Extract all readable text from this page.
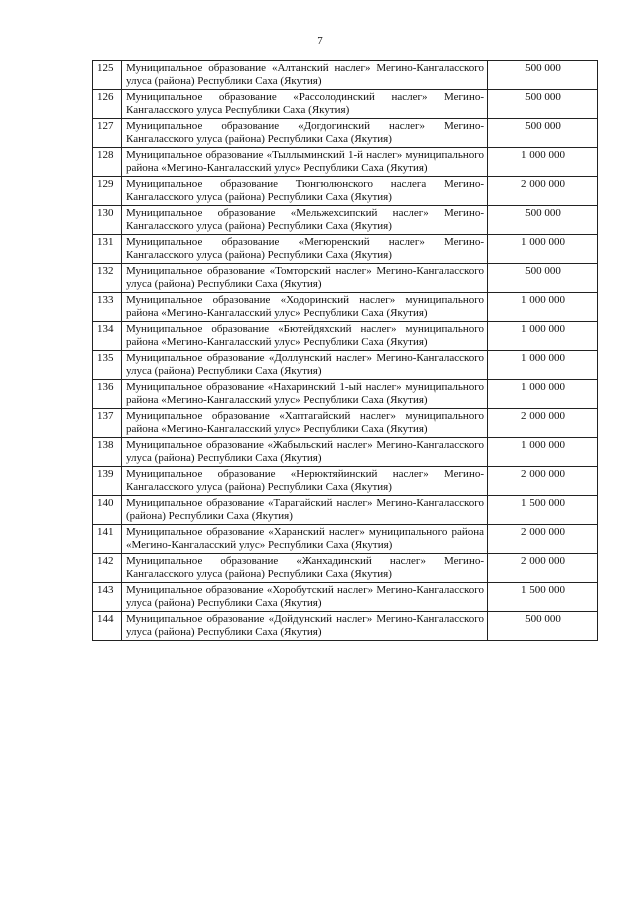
7
125	Муниципальное образование «Алтанский наслег» Мегино-Кангаласского улуса (района) Республики Саха (Якутия)	500 000
126	Муниципальное образование «Рассолодинский наслег» Мегино-Кангаласского улуса Республики Саха (Якутия)	500 000
127	Муниципальное образование «Догдогинский наслег» Мегино-Кангаласского улуса (района) Республики Саха (Якутия)	500 000
128	Муниципальное образование «Тыллыминский 1-й наслег» муниципального района «Мегино-Кангаласский улус» Республики Саха (Якутия)	1 000 000
129	Муниципальное образование Тюнгюлюнского наслега Мегино-Кангаласского улуса (района) Республики Саха (Якутия)	2 000 000
130	Муниципальное образование «Мельжехсипский наслег» Мегино-Кангаласского улуса (района) Республики Саха (Якутия)	500 000
131	Муниципальное образование «Мегюренский наслег» Мегино-Кангаласского улуса (района) Республики Саха (Якутия)	1 000 000
132	Муниципальное образование «Томторский наслег» Мегино-Кангаласского улуса (района) Республики Саха (Якутия)	500 000
133	Муниципальное образование «Ходоринский наслег» муниципального района «Мегино-Кангаласский улус» Республики Саха (Якутия)	1 000 000
134	Муниципальное образование «Бютейдяхский наслег» муниципального района «Мегино-Кангаласский улус» Республики Саха (Якутия)	1 000 000
135	Муниципальное образование «Доллунский наслег» Мегино-Кангаласского улуса (района) Республики Саха (Якутия)	1 000 000
136	Муниципальное образование «Нахаринский 1-ый наслег» муниципального района «Мегино-Кангаласский улус» Республики Саха (Якутия)	1 000 000
137	Муниципальное образование «Хаптагайский наслег» муниципального района «Мегино-Кангаласский улус» Республики Саха (Якутия)	2 000 000
138	Муниципальное образование «Жабыльский наслег» Мегино-Кангаласского улуса (района) Республики Саха (Якутия)	1 000 000
139	Муниципальное образование «Нерюктяйинский наслег» Мегино-Кангаласского улуса (района) Республики Саха (Якутия)	2 000 000
140	Муниципальное образование «Тарагайский наслег» Мегино-Кангаласского (района) Республики Саха (Якутия)	1 500 000
141	Муниципальное образование «Харанский наслег» муниципального района «Мегино-Кангаласский улус» Республики Саха (Якутия)	2 000 000
142	Муниципальное образование «Жанхадинский наслег» Мегино-Кангаласского улуса (района) Республики Саха (Якутия)	2 000 000
143	Муниципальное образование «Хоробутский наслег» Мегино-Кангаласского улуса (района) Республики Саха (Якутия)	1 500 000
144	Муниципальное образование «Дойдунский наслег» Мегино-Кангаласского улуса (района) Республики Саха (Якутия)	500 000
